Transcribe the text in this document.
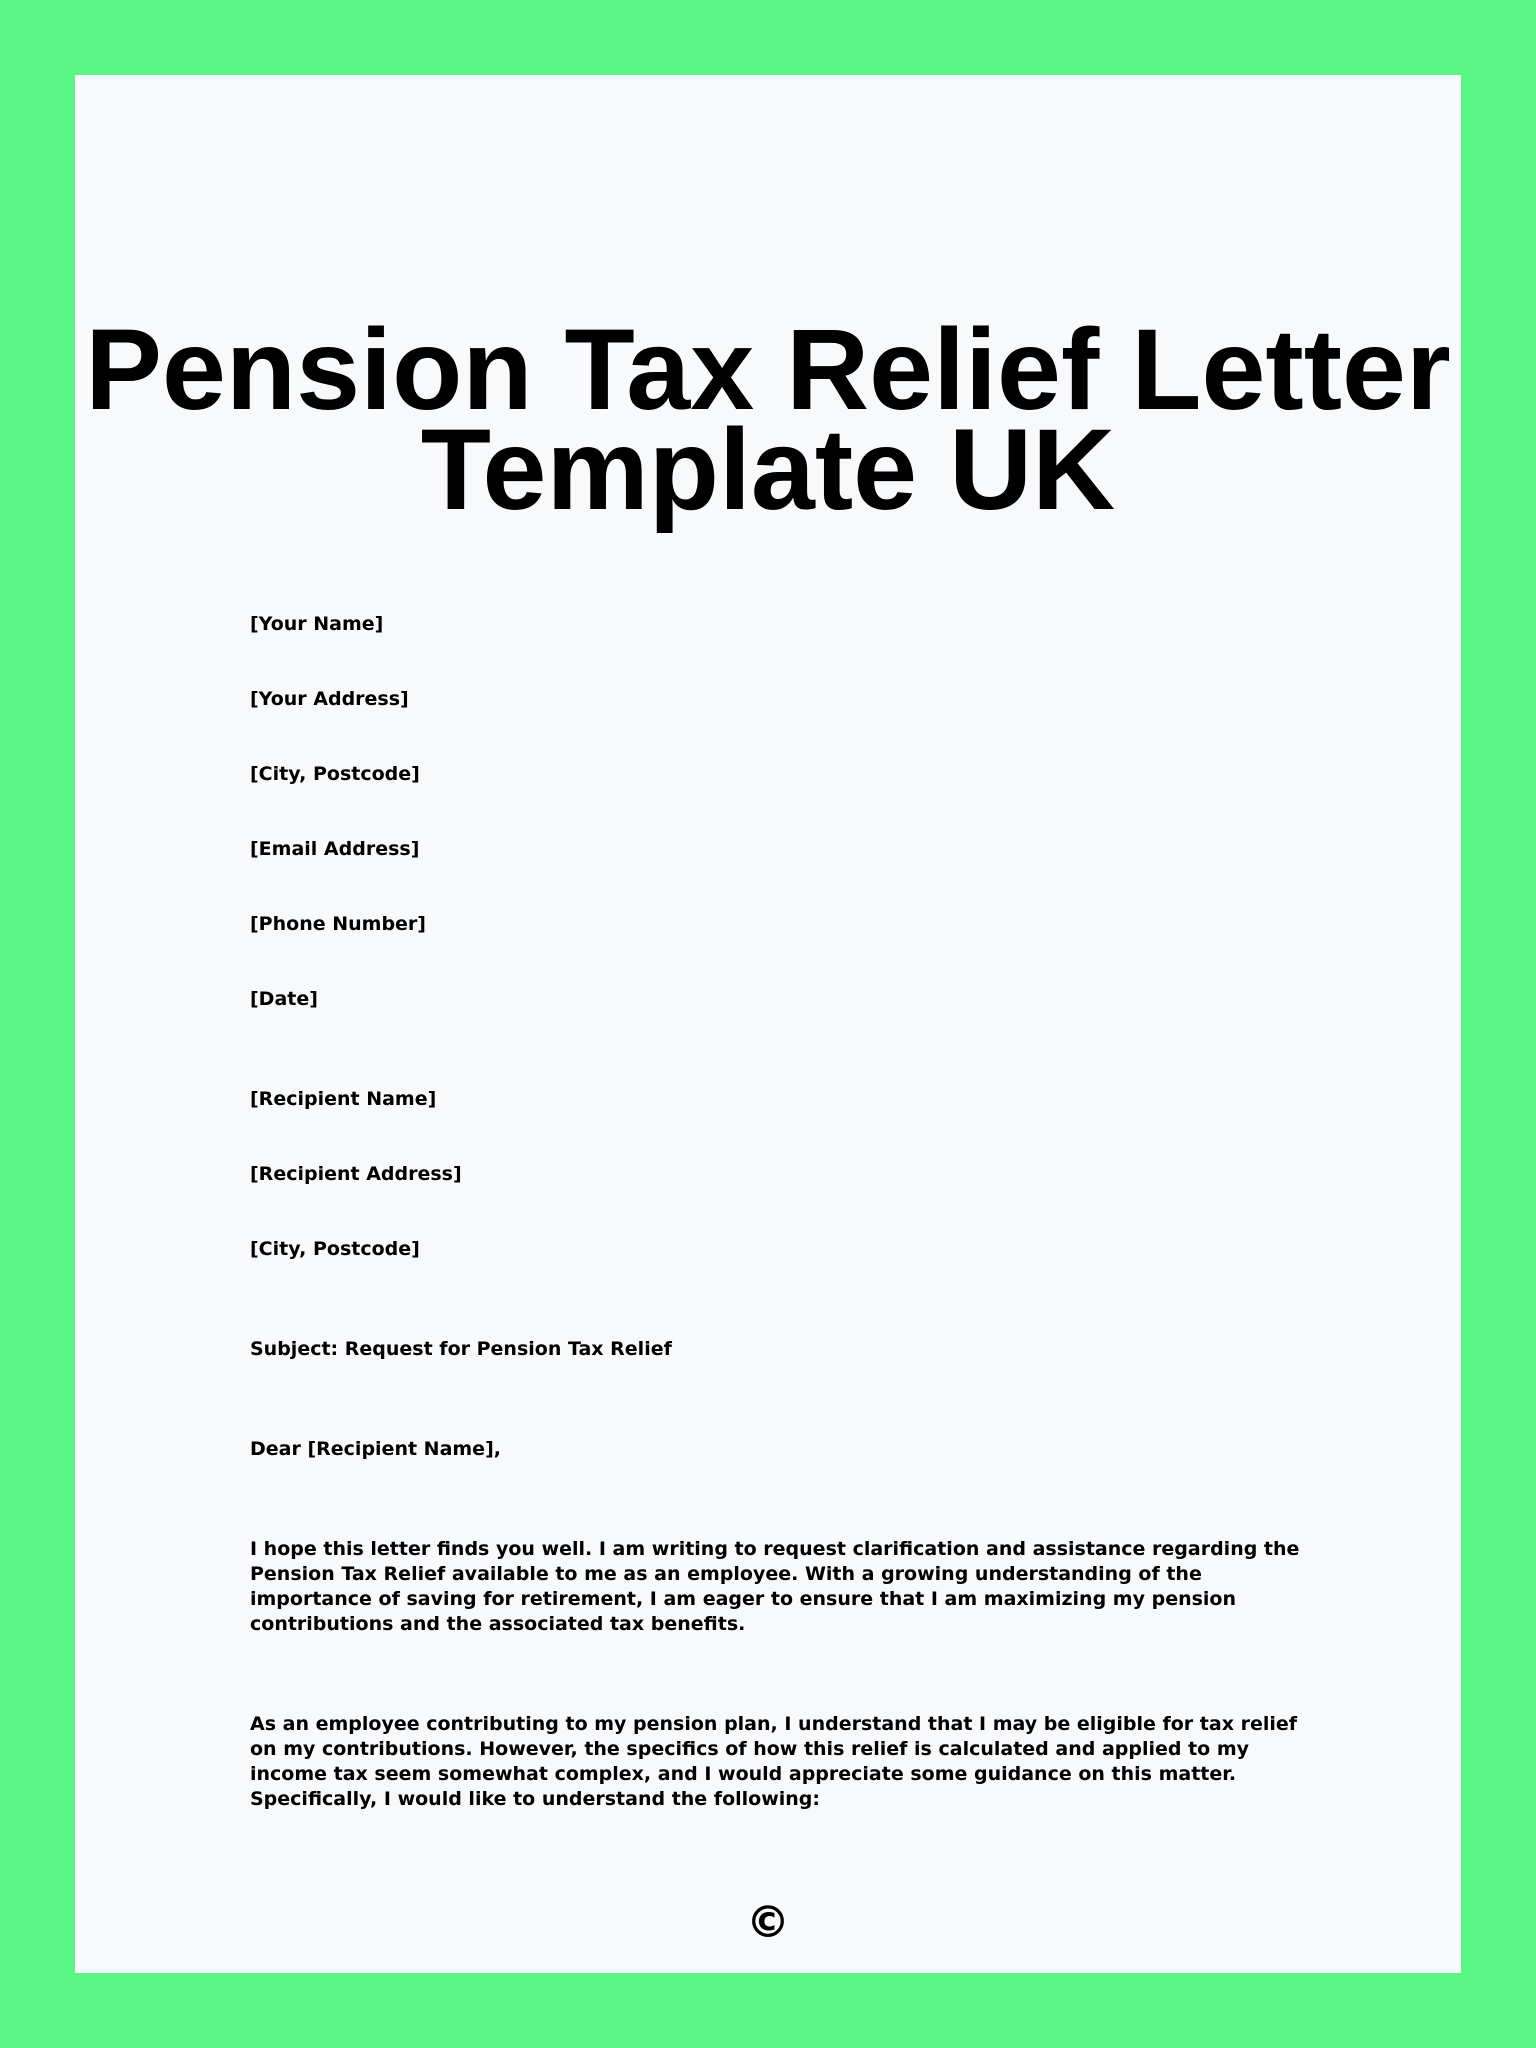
Pension Tax Relief Letter Template UK

[Your Name]

[Your Address]

[City, Postcode]

[Email Address]

[Phone Number]

[Date]

[Recipient Name]

[Recipient Address]

[City, Postcode]

Subject: Request for Pension Tax Relief

Dear [Recipient Name],

I hope this letter finds you well. I am writing to request clarification and assistance regarding the Pension Tax Relief available to me as an employee. With a growing understanding of the importance of saving for retirement, I am eager to ensure that I am maximizing my pension contributions and the associated tax benefits.

As an employee contributing to my pension plan, I understand that I may be eligible for tax relief on my contributions. However, the specifics of how this relief is calculated and applied to my income tax seem somewhat complex, and I would appreciate some guidance on this matter. Specifically, I would like to understand the following:

©
